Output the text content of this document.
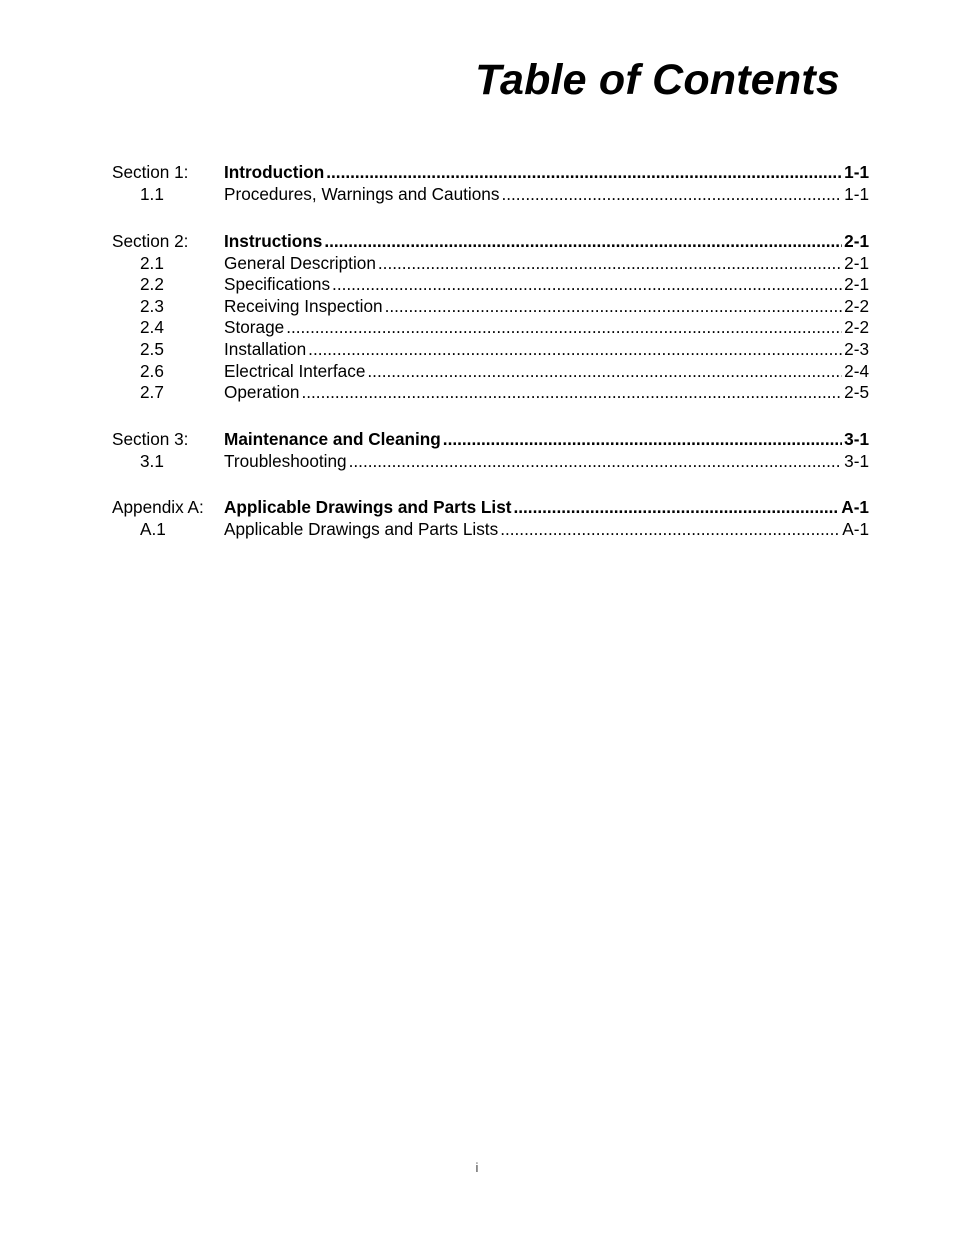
Table of Contents
Section 1:	Introduction .....	1-1
1.1	Procedures, Warnings and Cautions .....	1-1
Section 2:	Instructions .....	2-1
2.1	General Description .....	2-1
2.2	Specifications .....	2-1
2.3	Receiving Inspection .....	2-2
2.4	Storage .....	2-2
2.5	Installation .....	2-3
2.6	Electrical Interface .....	2-4
2.7	Operation .....	2-5
Section 3:	Maintenance and Cleaning .....	3-1
3.1	Troubleshooting .....	3-1
Appendix A:	Applicable Drawings and Parts List .....	A-1
A.1	Applicable Drawings and Parts Lists .....	A-1
i
